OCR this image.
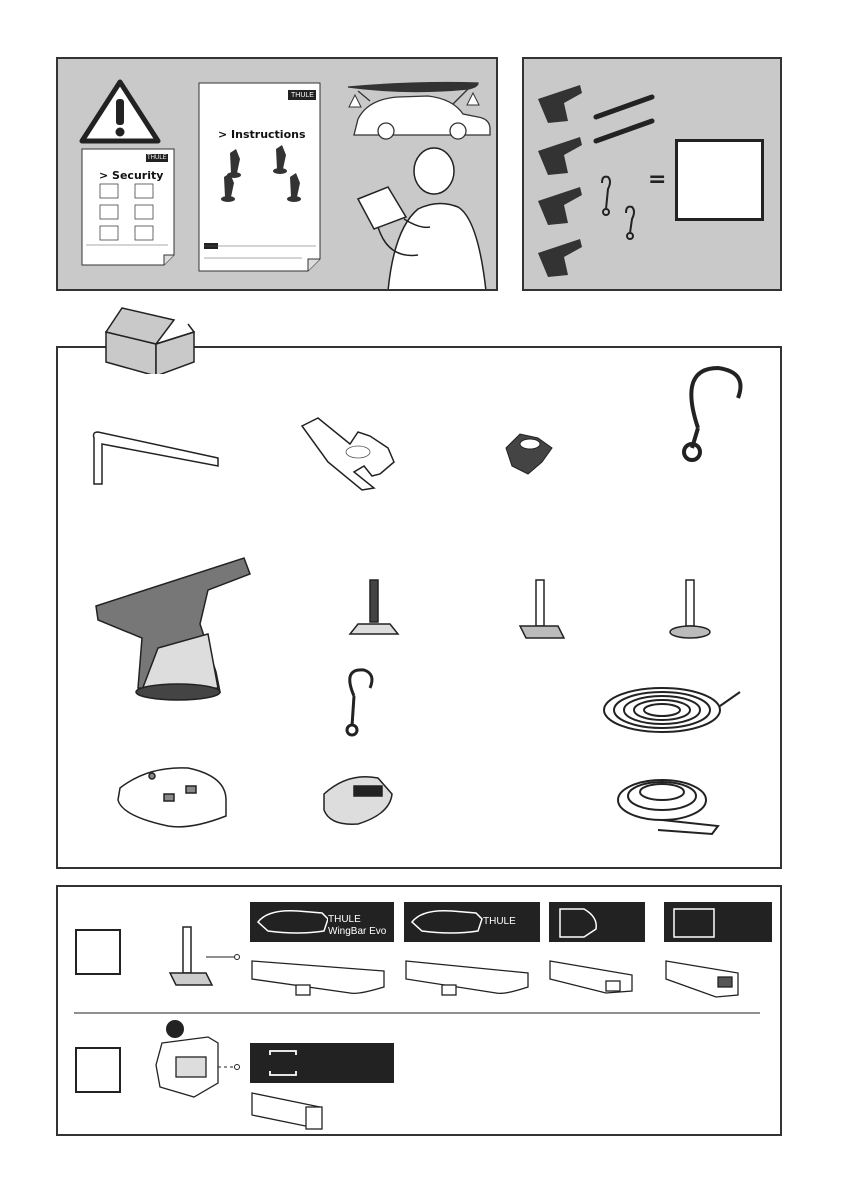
> Security
THULE
> Instructions
THULE
=
THULE
WingBar Evo
THULE
